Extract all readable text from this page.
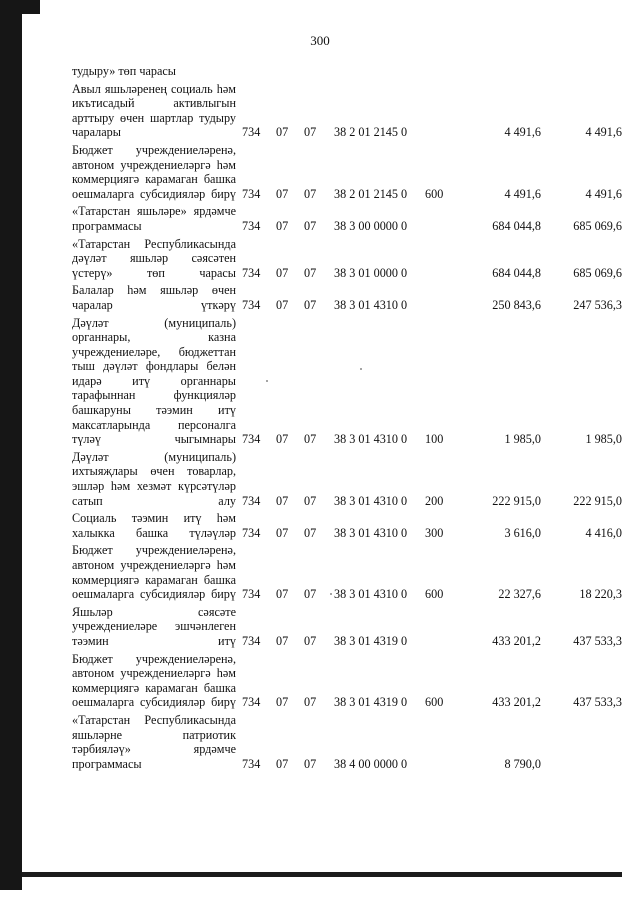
300
тудыру» төп чарасы							
Авыл яшьләренең социаль һәм икътисадый активлыгын арттыру өчен шартлар тудыру чаралары	734	07	07	38 2 01 2145 0		4 491,6	4 491,6
Бюджет учреждениеләренә, автоном учреждениеләргә һәм коммерциягә карамаган башка оешмаларга субсидияләр бирү	734	07	07	38 2 01 2145 0	600	4 491,6	4 491,6
«Татарстан яшьләре» ярдәмче программасы	734	07	07	38 3 00 0000 0		684 044,8	685 069,6
«Татарстан Республикасында дәүләт яшьләр сәясәтен үстерү» төп чарасы	734	07	07	38 3 01 0000 0		684 044,8	685 069,6
Балалар һәм яшьләр өчен чаралар үткәрү	734	07	07	38 3 01 4310 0		250 843,6	247 536,3
Дәүләт (муниципаль) органнары, казна учреждениеләре, бюджеттан тыш дәүләт фондлары белән идарә итү органнары тарафыннан функцияләр башкаруны тәэмин итү максатларында персоналга түләү чыгымнары	734	07	07	38 3 01 4310 0	100	1 985,0	1 985,0
Дәүләт (муниципаль) ихтыяҗлары өчен товарлар, эшләр һәм хезмәт күрсәтүләр сатып алу	734	07	07	38 3 01 4310 0	200	222 915,0	222 915,0
Социаль тәэмин итү һәм халыкка башка түләүләр	734	07	07	38 3 01 4310 0	300	3 616,0	4 416,0
Бюджет учреждениеләренә, автоном учреждениеләргә һәм коммерциягә карамаган башка оешмаларга субсидияләр бирү	734	07	07	38 3 01 4310 0	600	22 327,6	18 220,3
Яшьләр сәясәте учреждениеләре эшчәнлеген тәэмин итү	734	07	07	38 3 01 4319 0		433 201,2	437 533,3
Бюджет учреждениеләренә, автоном учреждениеләргә һәм коммерциягә карамаган башка оешмаларга субсидияләр бирү	734	07	07	38 3 01 4319 0	600	433 201,2	437 533,3
«Татарстан Республикасында яшьләрне патриотик тәрбияләү» ярдәмче программасы	734	07	07	38 4 00 0000 0		8 790,0	
